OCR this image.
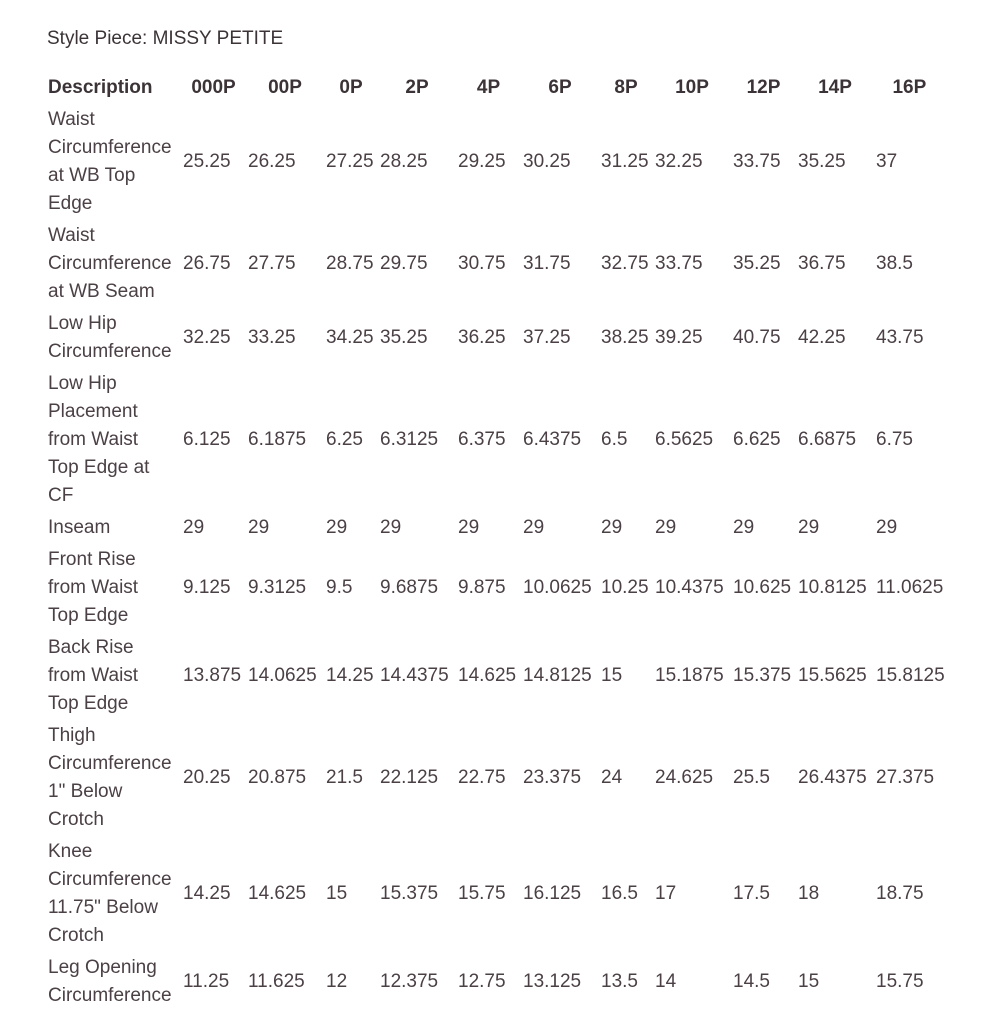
Style Piece: MISSY PETITE
Description	000P	00P	0P	2P	4P	6P	8P	10P	12P	14P	16P

Waist
Circumference
at WB Top
Edge	25.25	26.25	27.25	28.25	29.25	30.25	31.25	32.25	33.75	35.25	37

Waist
Circumference
at WB Seam	26.75	27.75	28.75	29.75	30.75	31.75	32.75	33.75	35.25	36.75	38.5

Low Hip
Circumference	32.25	33.25	34.25	35.25	36.25	37.25	38.25	39.25	40.75	42.25	43.75

Low Hip
Placement
from Waist
Top Edge at
CF	6.125	6.1875	6.25	6.3125	6.375	6.4375	6.5	6.5625	6.625	6.6875	6.75

Inseam	29	29	29	29	29	29	29	29	29	29	29

Front Rise
from Waist
Top Edge	9.125	9.3125	9.5	9.6875	9.875	10.0625	10.25	10.4375	10.625	10.8125	11.0625

Back Rise
from Waist
Top Edge	13.875	14.0625	14.25	14.4375	14.625	14.8125	15	15.1875	15.375	15.5625	15.8125

Thigh
Circumference
1" Below
Crotch	20.25	20.875	21.5	22.125	22.75	23.375	24	24.625	25.5	26.4375	27.375

Knee
Circumference
11.75" Below
Crotch	14.25	14.625	15	15.375	15.75	16.125	16.5	17	17.5	18	18.75

Leg Opening
Circumference	11.25	11.625	12	12.375	12.75	13.125	13.5	14	14.5	15	15.75
